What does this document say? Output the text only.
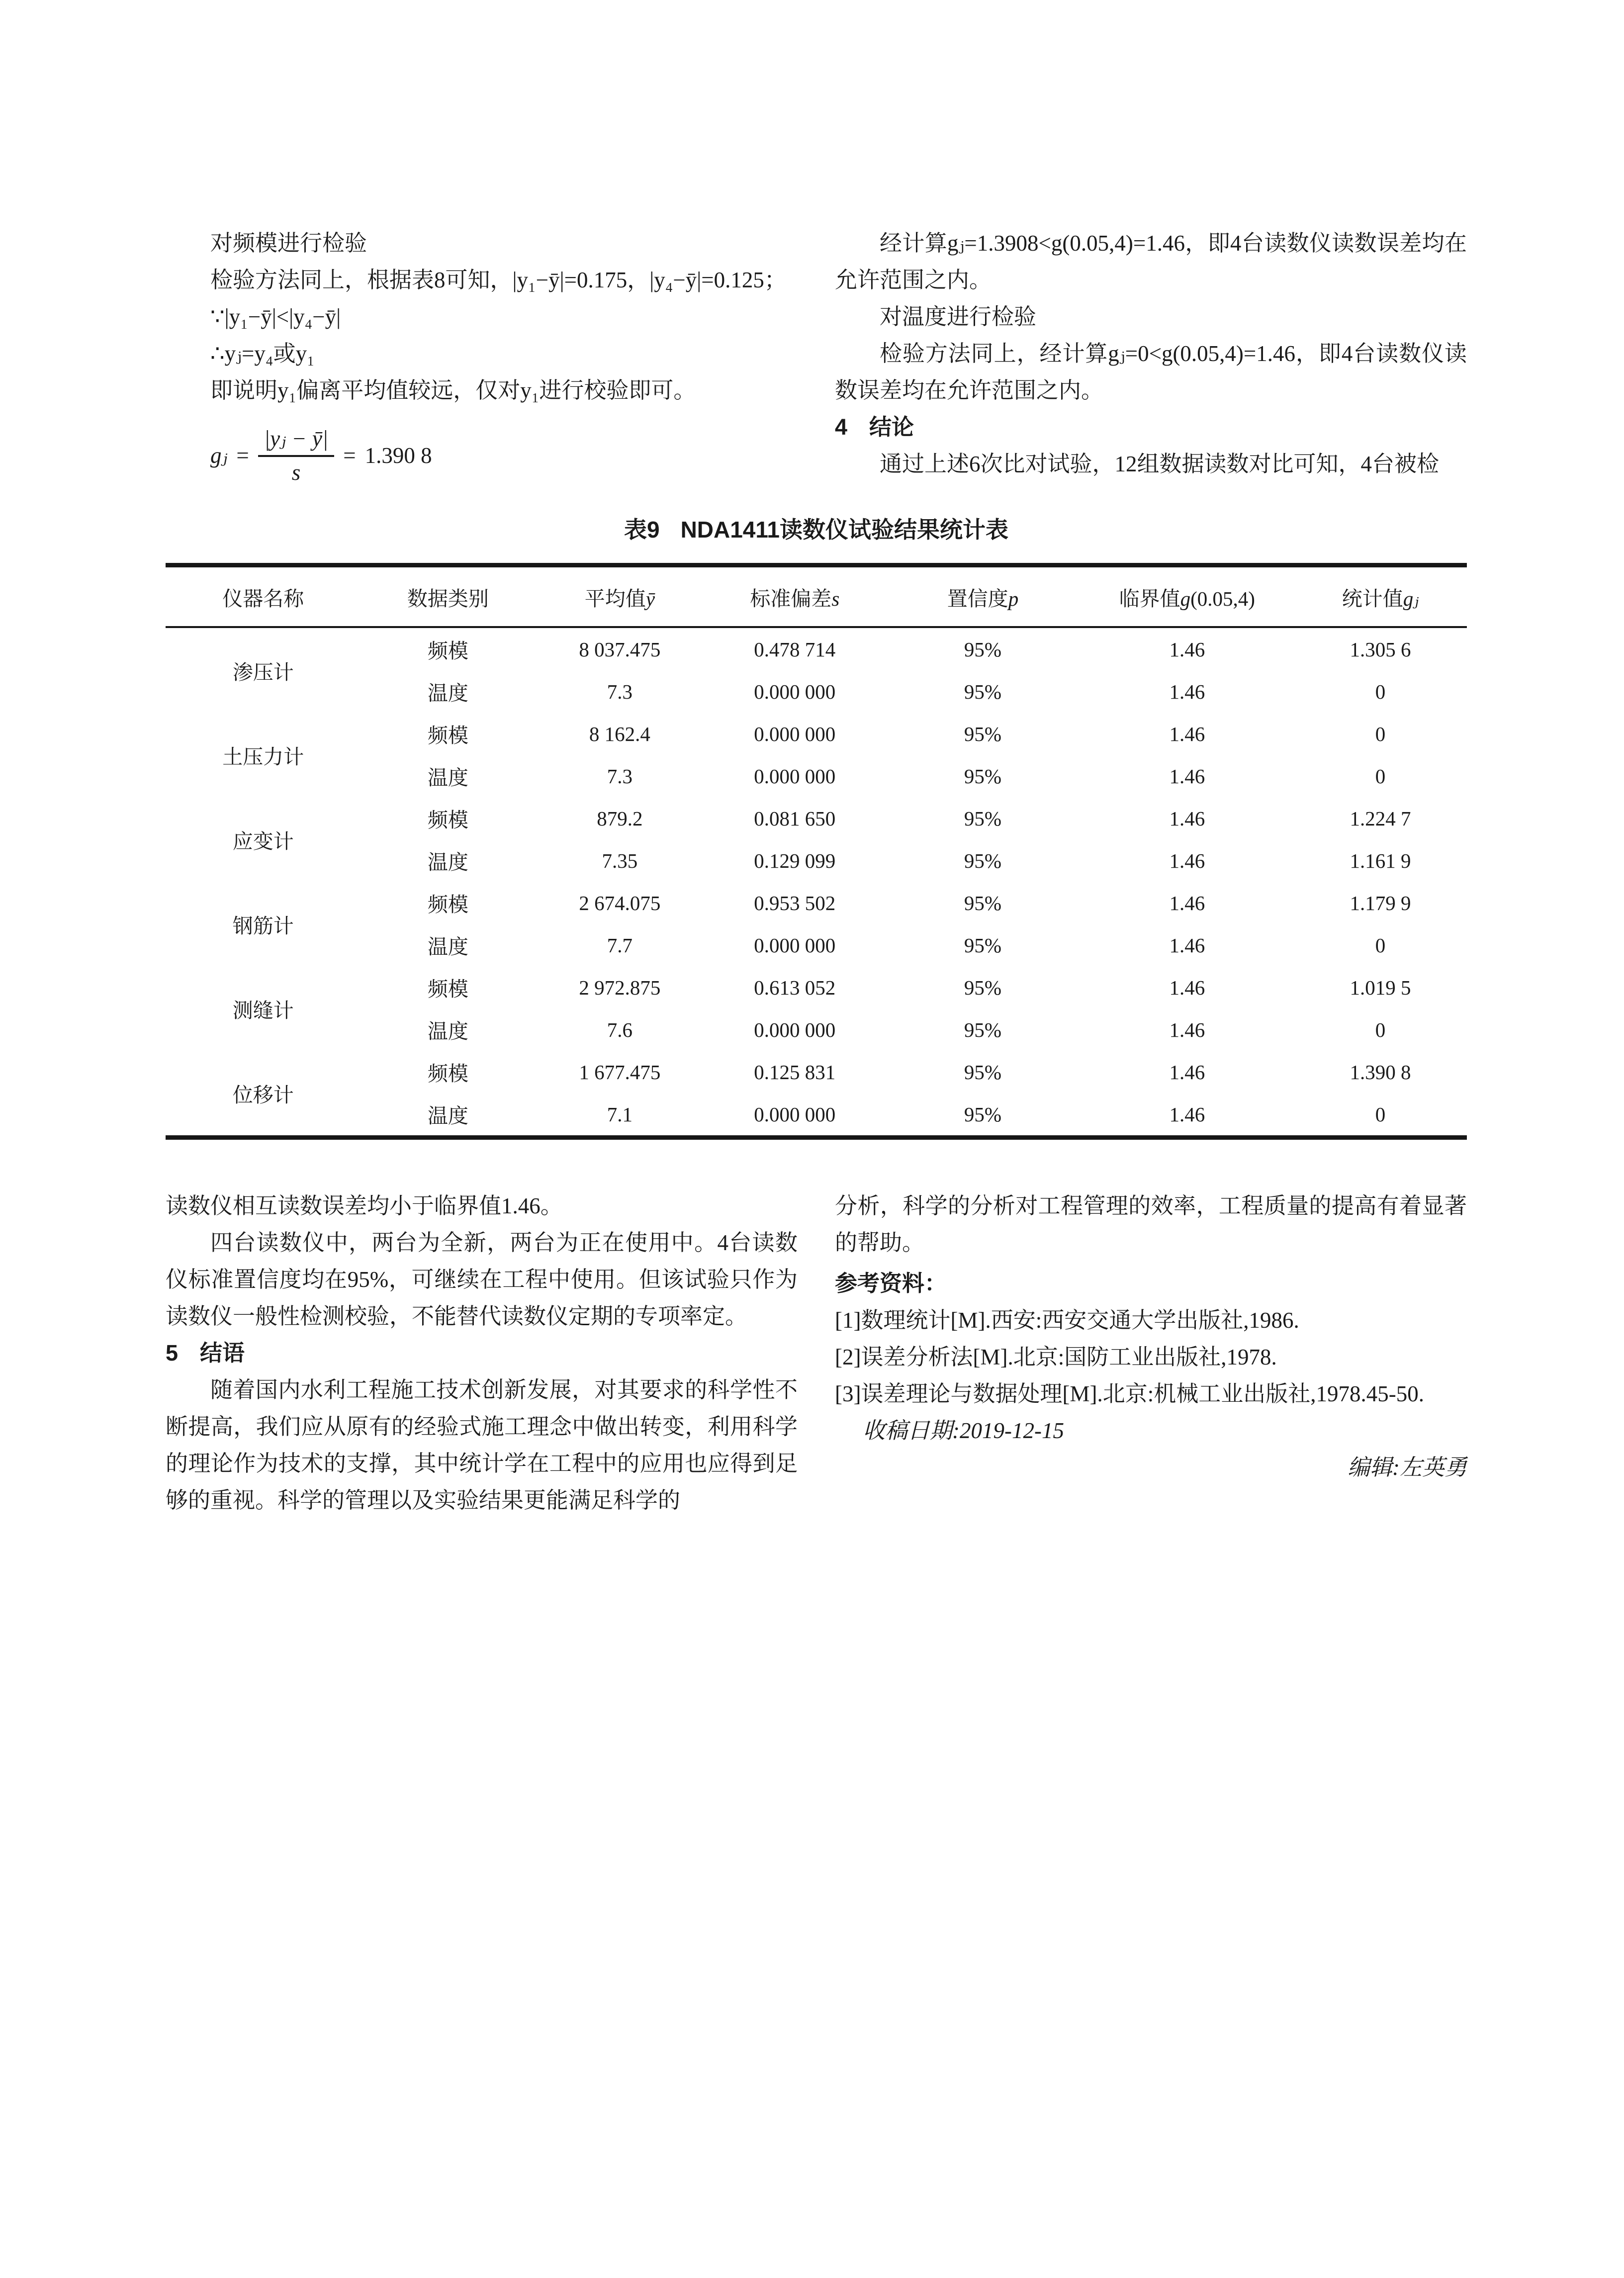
对频模进行检验

检验方法同上，根据表8可知，|y₁−ȳ|=0.175，|y₄−ȳ|=0.125；

∵|y₁−ȳ|<|y₄−ȳ|

∴yⱼ=y₄或y₁

即说明y₁偏离平均值较远，仅对y₁进行校验即可。

gⱼ = $\frac{\text{|yⱼ − ȳ|}}{s} = 1.390$ 8

经计算gⱼ=1.3908<g(0.05,4)=1.46，即4台读数仪读数误差均在允许范围之内。

对温度进行检验

检验方法同上，经计算gⱼ=0<g(0.05,4)=1.46，即4台读数仪读数误差均在允许范围之内。

4 结论

通过上述6次比对试验，12组数据读数对比可知，4台被检

表9 NDA1411读数仪试验结果统计表
仪器名称	数据类别	平均值ȳ	标准偏差s	置信度p	临界值g(0.05,4)	统计值gⱼ
渗压计	频模	8 037.475	0.478 714	95%	1.46	1.305 6
	温度	7.3	0.000 000	95%	1.46	0
土压力计	频模	8 162.4	0.000 000	95%	1.46	0
	温度	7.3	0.000 000	95%	1.46	0
应变计	频模	879.2	0.081 650	95%	1.46	1.224 7
	温度	7.35	0.129 099	95%	1.46	1.161 9
钢筋计	频模	2 674.075	0.953 502	95%	1.46	1.179 9
	温度	7.7	0.000 000	95%	1.46	0
测缝计	频模	2 972.875	0.613 052	95%	1.46	1.019 5
	温度	7.6	0.000 000	95%	1.46	0
位移计	频模	1 677.475	0.125 831	95%	1.46	1.390 8
	温度	7.1	0.000 000	95%	1.46	0

读数仪相互读数误差均小于临界值1.46。

四台读数仪中，两台为全新，两台为正在使用中。4台读数仪标准置信度均在95%，可继续在工程中使用。但该试验只作为读数仪一般性检测校验，不能替代读数仪定期的专项率定。

5 结语

随着国内水利工程施工技术创新发展，对其要求的科学性不断提高，我们应从原有的经验式施工理念中做出转变，利用科学的理论作为技术的支撑，其中统计学在工程中的应用也应得到足够的重视。科学的管理以及实验结果更能满足科学的

分析，科学的分析对工程管理的效率，工程质量的提高有着显著的帮助。

参考资料：

[1]数理统计[M].西安:西安交通大学出版社,1986.

[2]误差分析法[M].北京:国防工业出版社,1978.

[3]误差理论与数据处理[M].北京:机械工业出版社,1978.45-50.

收稿日期:2019-12-15

编辑:左英勇
